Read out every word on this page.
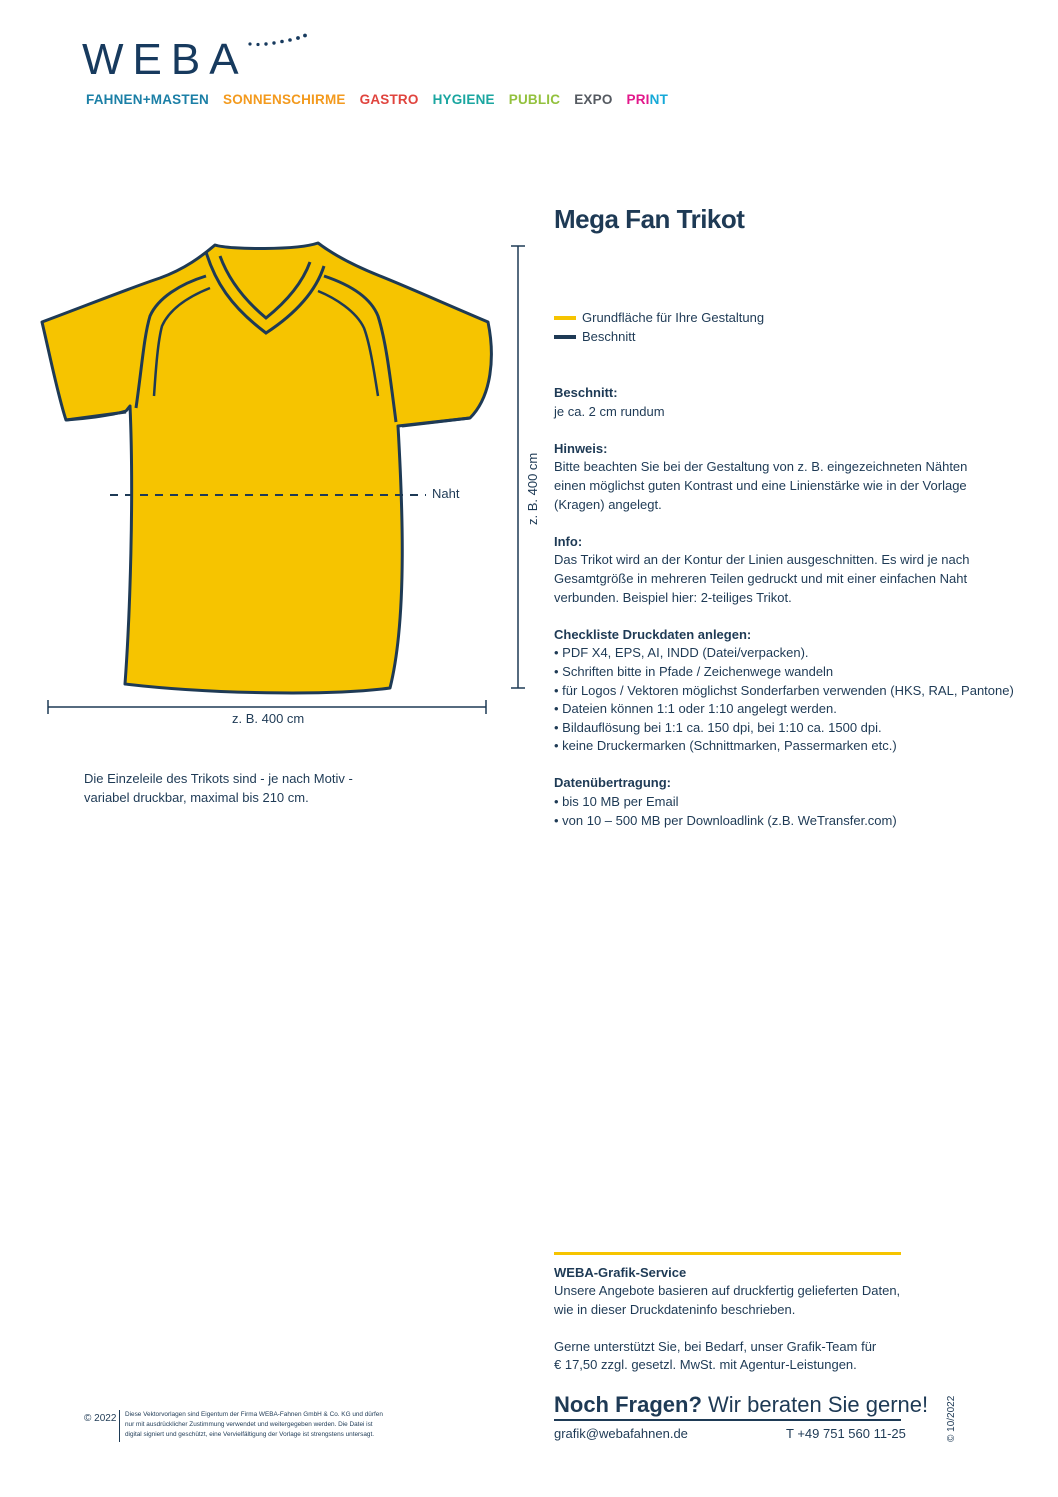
WEBA
FAHNEN+MASTEN SONNENSCHIRME GASTRO HYGIENE PUBLIC EXPO PRINT
Mega Fan Trikot
Grundfläche für Ihre Gestaltung
Beschnitt
Naht
z. B. 400 cm
z. B. 400 cm

Beschnitt:

je ca. 2 cm rundum

Hinweis:

Bitte beachten Sie bei der Gestaltung von z. B. eingezeichneten Nähten

einen möglichst guten Kontrast und eine Linienstärke wie in der Vorlage

(Kragen) angelegt.

Info:

Das Trikot wird an der Kontur der Linien ausgeschnitten. Es wird je nach

Gesamtgröße in mehreren Teilen gedruckt und mit einer einfachen Naht

verbunden. Beispiel hier: 2-teiliges Trikot.

Checkliste Druckdaten anlegen:

• PDF X4, EPS, AI, INDD (Datei/verpacken).

• Schriften bitte in Pfade / Zeichenwege wandeln

• für Logos / Vektoren möglichst Sonderfarben verwenden (HKS, RAL, Pantone)

• Dateien können 1:1 oder 1:10 angelegt werden.

• Bildauflösung bei 1:1 ca. 150 dpi, bei 1:10 ca. 1500 dpi.

• keine Druckermarken (Schnittmarken, Passermarken etc.)

Datenübertragung:

• bis 10 MB per Email

• von 10 – 500 MB per Downloadlink (z.B. WeTransfer.com)

Die Einzeleile des Trikots sind - je nach Motiv -
variabel druckbar, maximal bis 210 cm.

WEBA-Grafik-Service

Unsere Angebote basieren auf druckfertig gelieferten Daten,

wie in dieser Druckdateninfo beschrieben.

Gerne unterstützt Sie, bei Bedarf, unser Grafik-Team für

€ 17,50 zzgl. gesetzl. MwSt. mit Agentur-Leistungen.

Noch Fragen? Wir beraten Sie gerne!
grafik@webafahnen.de	T +49 751 560 11-25
© 2022 Diese Vektorvorlagen sind Eigentum der Firma WEBA-Fahnen GmbH & Co. KG und dürfen
nur mit ausdrücklicher Zustimmung verwendet und weitergegeben werden. Die Datei ist
digital signiert und geschützt, eine Vervielfältigung der Vorlage ist strengstens untersagt.	© 10/2022
